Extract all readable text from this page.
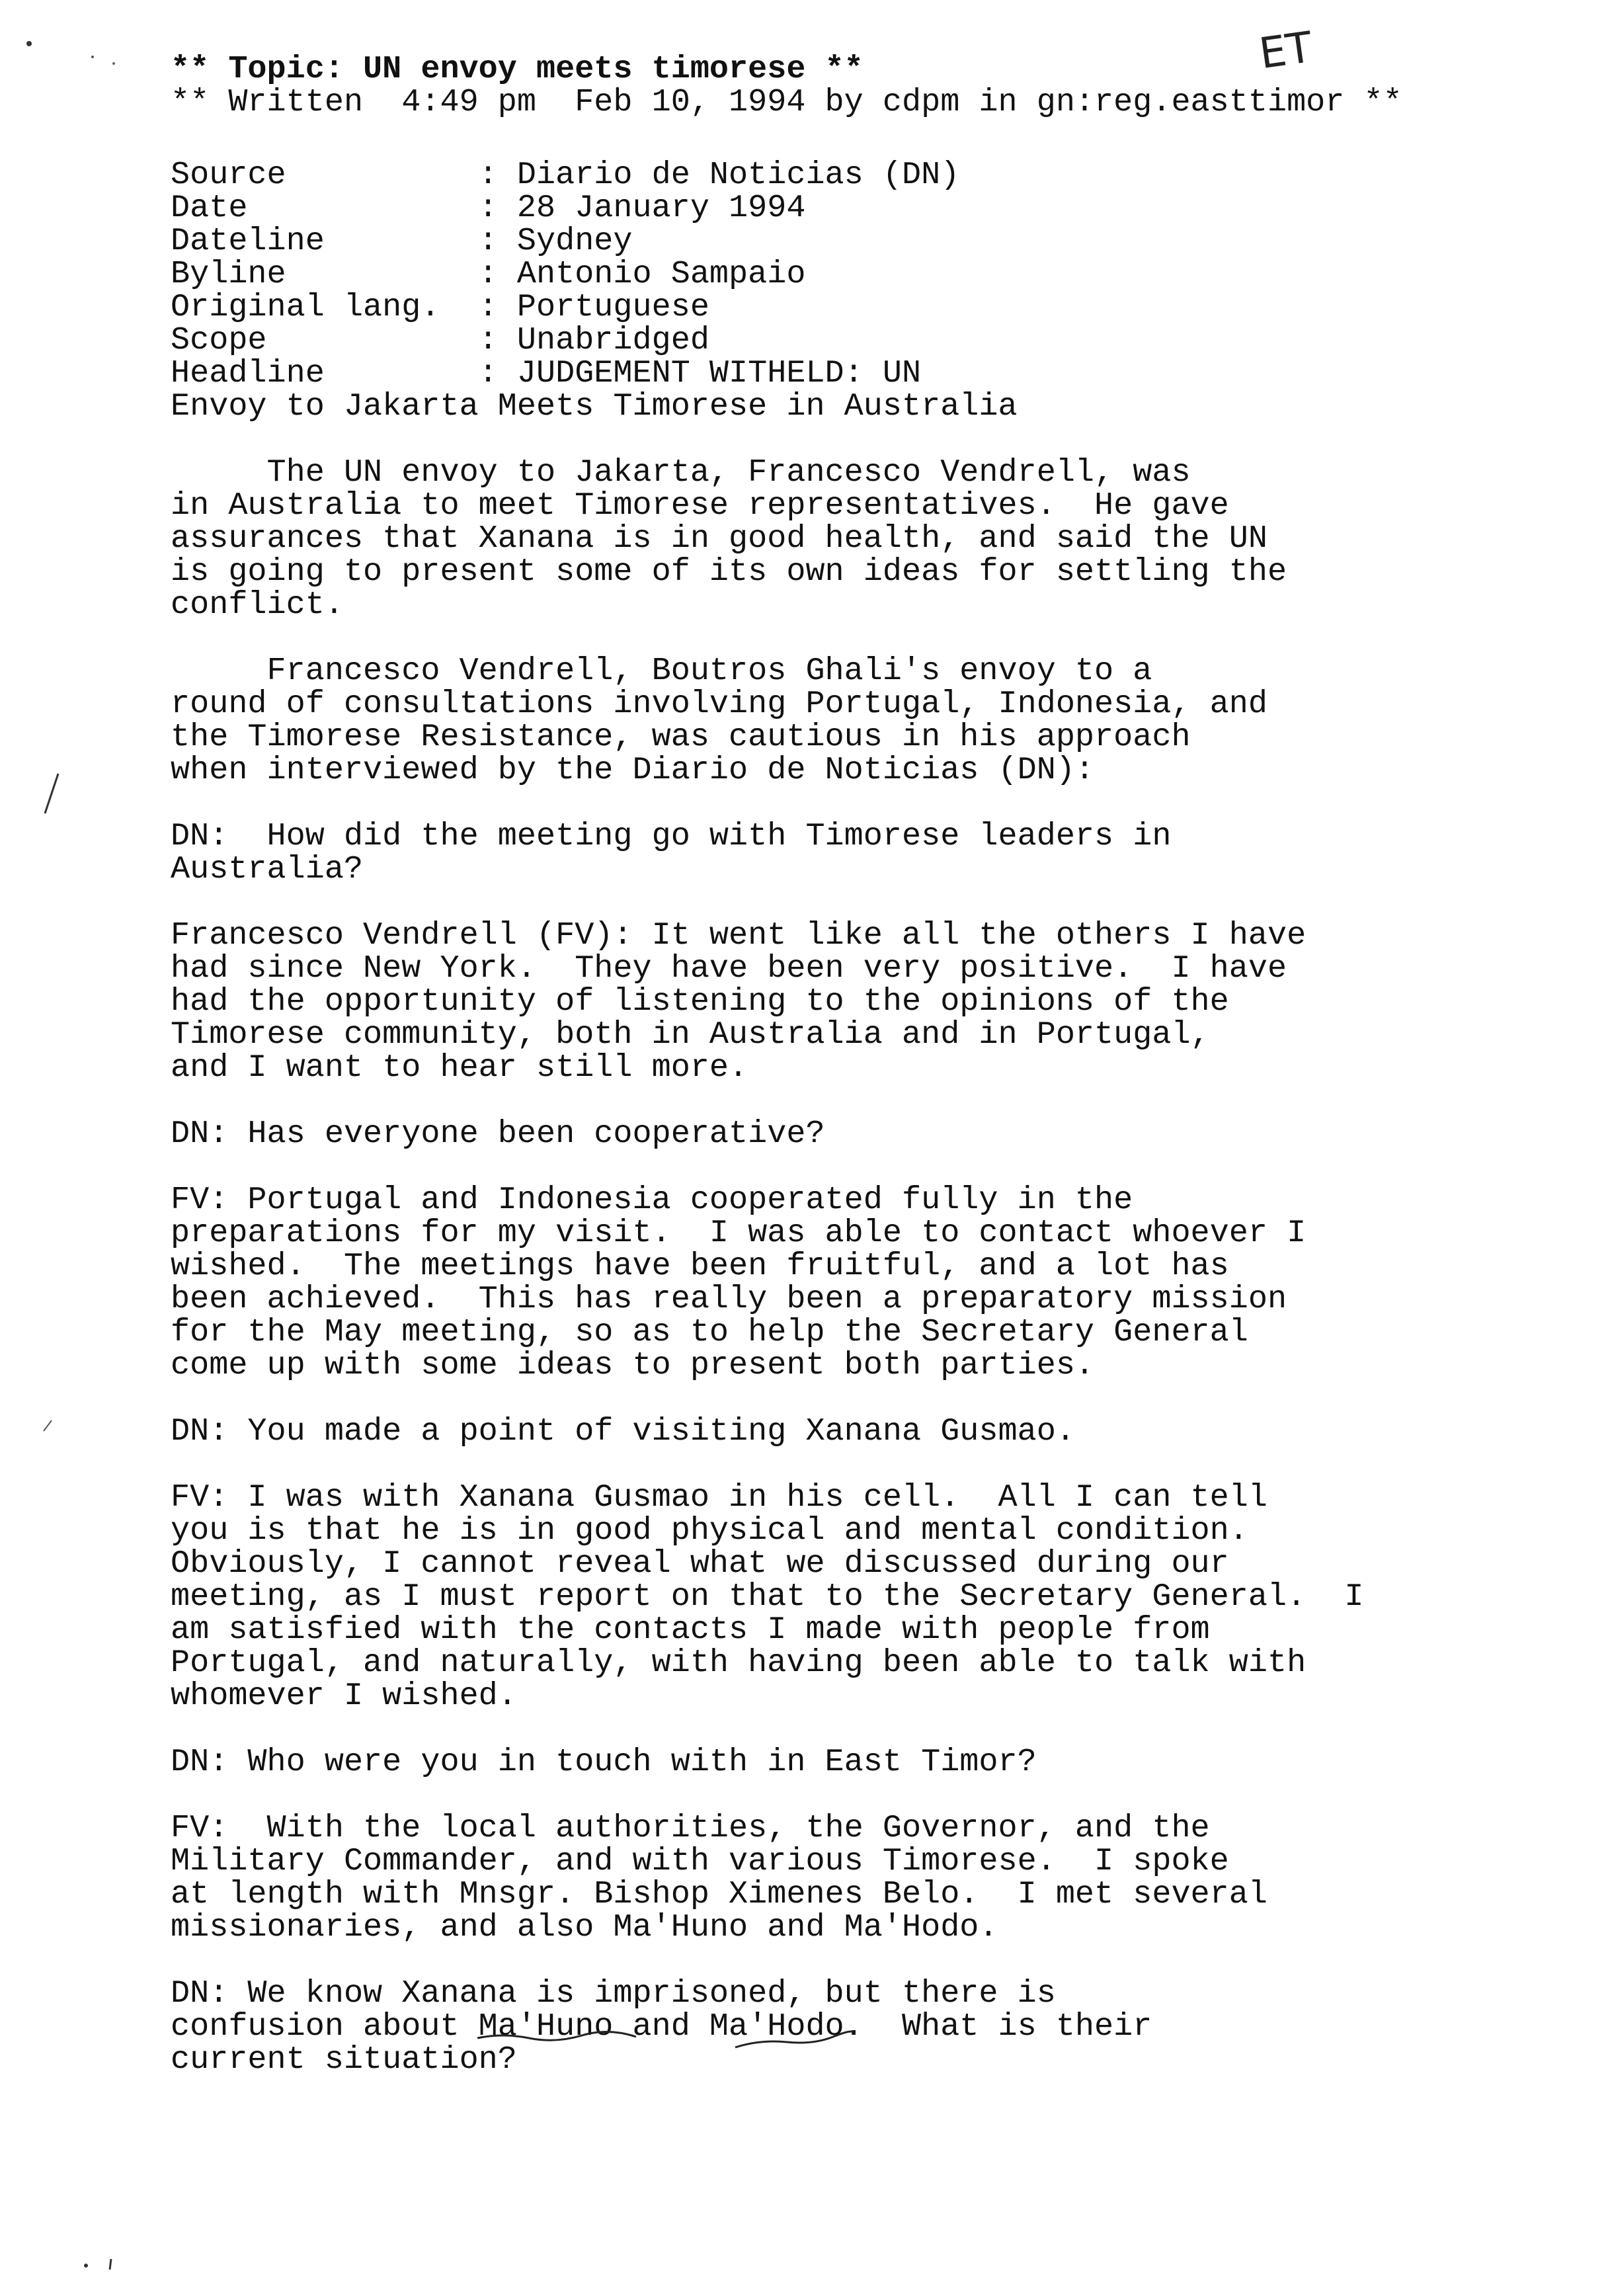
** Topic: UN envoy meets timorese **
** Written  4:49 pm  Feb 10, 1994 by cdpm in gn:reg.easttimor **
ET
Source          : Diario de Noticias (DN)
Date            : 28 January 1994
Dateline        : Sydney
Byline          : Antonio Sampaio
Original lang.  : Portuguese
Scope           : Unabridged
Headline        : JUDGEMENT WITHELD: UN
Envoy to Jakarta Meets Timorese in Australia
The UN envoy to Jakarta, Francesco Vendrell, was
in Australia to meet Timorese representatives.  He gave
assurances that Xanana is in good health, and said the UN
is going to present some of its own ideas for settling the
conflict.
Francesco Vendrell, Boutros Ghali's envoy to a
round of consultations involving Portugal, Indonesia, and
the Timorese Resistance, was cautious in his approach
when interviewed by the Diario de Noticias (DN):
DN:  How did the meeting go with Timorese leaders in
Australia?
Francesco Vendrell (FV): It went like all the others I have
had since New York.  They have been very positive.  I have
had the opportunity of listening to the opinions of the
Timorese community, both in Australia and in Portugal,
and I want to hear still more.
DN: Has everyone been cooperative?
FV: Portugal and Indonesia cooperated fully in the
preparations for my visit.  I was able to contact whoever I
wished.  The meetings have been fruitful, and a lot has
been achieved.  This has really been a preparatory mission
for the May meeting, so as to help the Secretary General
come up with some ideas to present both parties.
DN: You made a point of visiting Xanana Gusmao.
FV: I was with Xanana Gusmao in his cell.  All I can tell
you is that he is in good physical and mental condition.
Obviously, I cannot reveal what we discussed during our
meeting, as I must report on that to the Secretary General.  I
am satisfied with the contacts I made with people from
Portugal, and naturally, with having been able to talk with
whomever I wished.
DN: Who were you in touch with in East Timor?
FV:  With the local authorities, the Governor, and the
Military Commander, and with various Timorese.  I spoke
at length with Mnsgr. Bishop Ximenes Belo.  I met several
missionaries, and also Ma'Huno and Ma'Hodo.
DN: We know Xanana is imprisoned, but there is
confusion about Ma'Huno and Ma'Hodo.  What is their
current situation?
